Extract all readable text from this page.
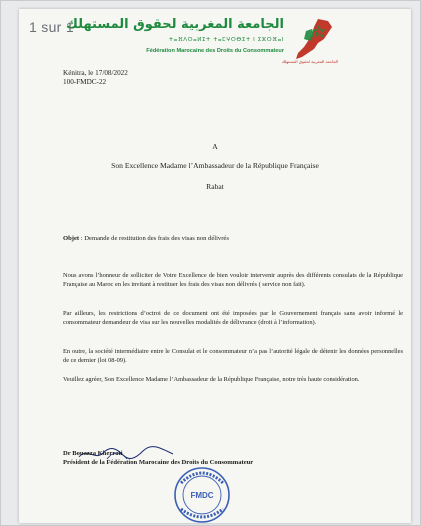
الجامعة المغربية لحقوق المستهلك
ⵜⴰⴼⴷⵔⴰⵍⵉⵜ ⵜⴰⵎⵖⵔⴱⵉⵜ ⵏ ⵉⵣⵔⴼⴰⵏ
Fédération Marocaine des Droits du Consommateur
الجامعة المغربية لحقوق المستهلك
Kénitra, le 17/08/2022
100-FMDC-22
A
Son Excellence Madame l’Ambassadeur de la République Française
Rabat
Objet : Demande de restitution des frais des visas non délivrés
Nous avons l’honneur de solliciter de Votre Excellence de bien vouloir intervenir auprès des différents consulats de la République Française au Maroc en les invitant à restituer les frais des visas non délivrés ( service non fait).
Par ailleurs, les restrictions d’octroi de ce document ont été imposées par le Gouvernement français sans avoir informé le consommateur demandeur de visa sur les nouvelles modalités de délivrance (droit à l’information).
En outre, la société intermédiaire entre le Consulat et le consommateur n’a pas l’autorité légale de détenir les données personnelles de ce dernier (loi 08-09).
Veuillez agréer, Son Excellence Madame l’Ambassadeur de la République Française, notre très haute considération.
Dr Bouazza Kherrati
Président de la Fédération Marocaine des Droits du Consommateur
FMDC
1 sur 1
